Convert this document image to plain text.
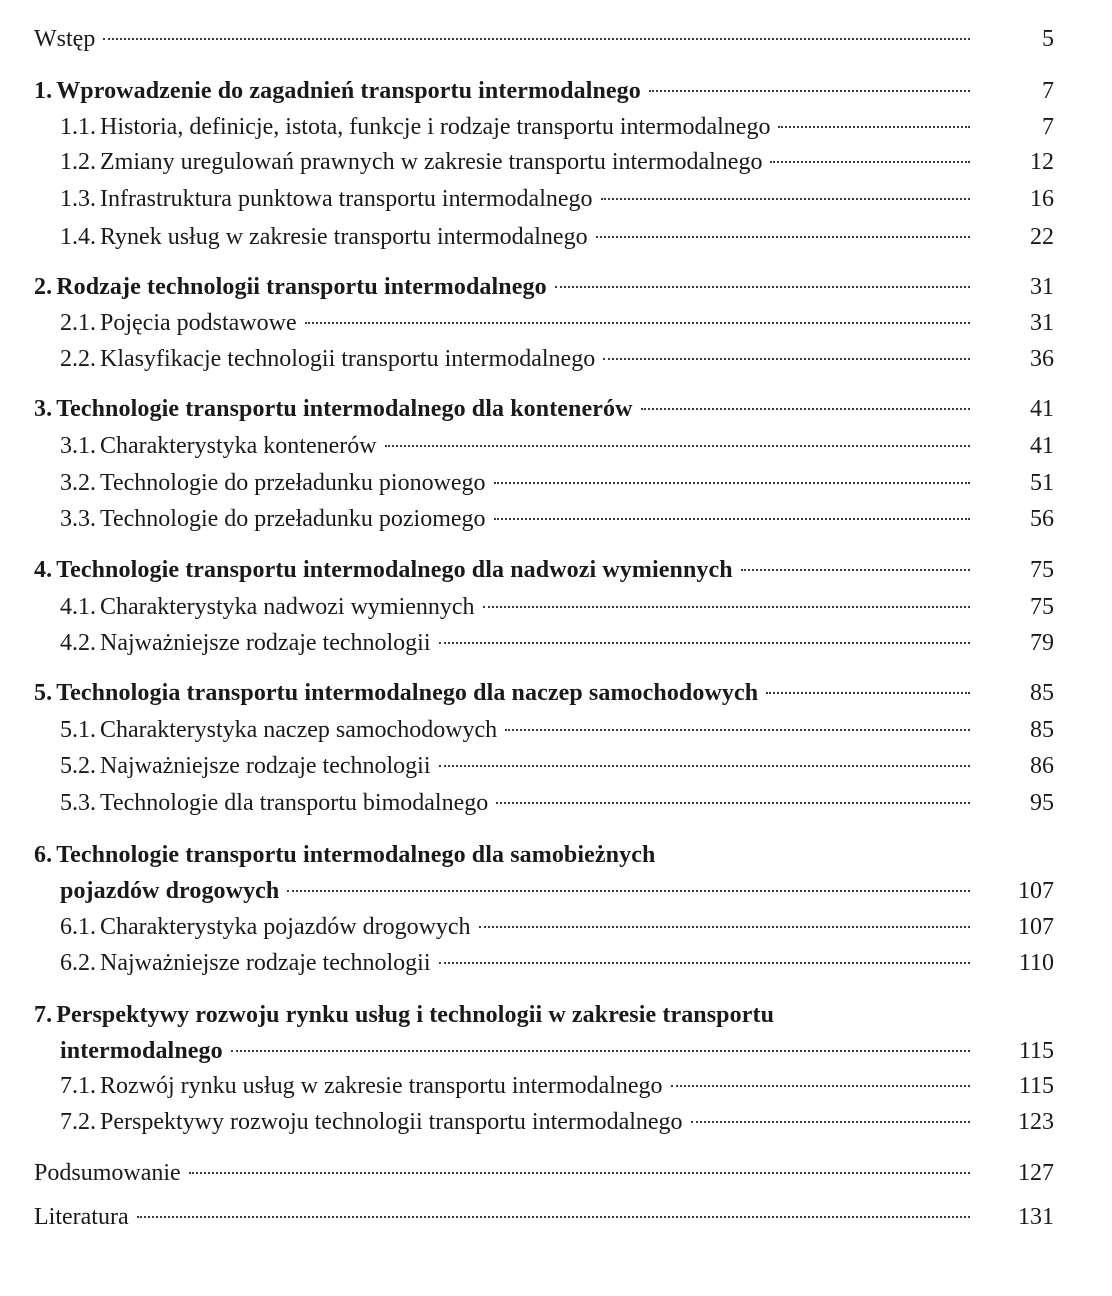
Wstęp	5
1. Wprowadzenie do zagadnień transportu intermodalnego	7
1.1. Historia, definicje, istota, funkcje i rodzaje transportu intermodalnego	7
1.2. Zmiany uregulowań prawnych w zakresie transportu intermodalnego	12
1.3. Infrastruktura punktowa transportu intermodalnego	16
1.4. Rynek usług w zakresie transportu intermodalnego	22
2. Rodzaje technologii transportu intermodalnego	31
2.1. Pojęcia podstawowe	31
2.2. Klasyfikacje technologii transportu intermodalnego	36
3. Technologie transportu intermodalnego dla kontenerów	41
3.1. Charakterystyka kontenerów	41
3.2. Technologie do przeładunku pionowego	51
3.3. Technologie do przeładunku poziomego	56
4. Technologie transportu intermodalnego dla nadwozi wymiennych	75
4.1. Charakterystyka nadwozi wymiennych	75
4.2. Najważniejsze rodzaje technologii	79
5. Technologia transportu intermodalnego dla naczep samochodowych	85
5.1. Charakterystyka naczep samochodowych	85
5.2. Najważniejsze rodzaje technologii	86
5.3. Technologie dla transportu bimodalnego	95
6. Technologie transportu intermodalnego dla samobieżnych
pojazdów drogowych	107
6.1. Charakterystyka pojazdów drogowych	107
6.2. Najważniejsze rodzaje technologii	110
7. Perspektywy rozwoju rynku usług i technologii w zakresie transportu
intermodalnego	115
7.1. Rozwój rynku usług w zakresie transportu intermodalnego	115
7.2. Perspektywy rozwoju technologii transportu intermodalnego	123
Podsumowanie	127
Literatura	131
